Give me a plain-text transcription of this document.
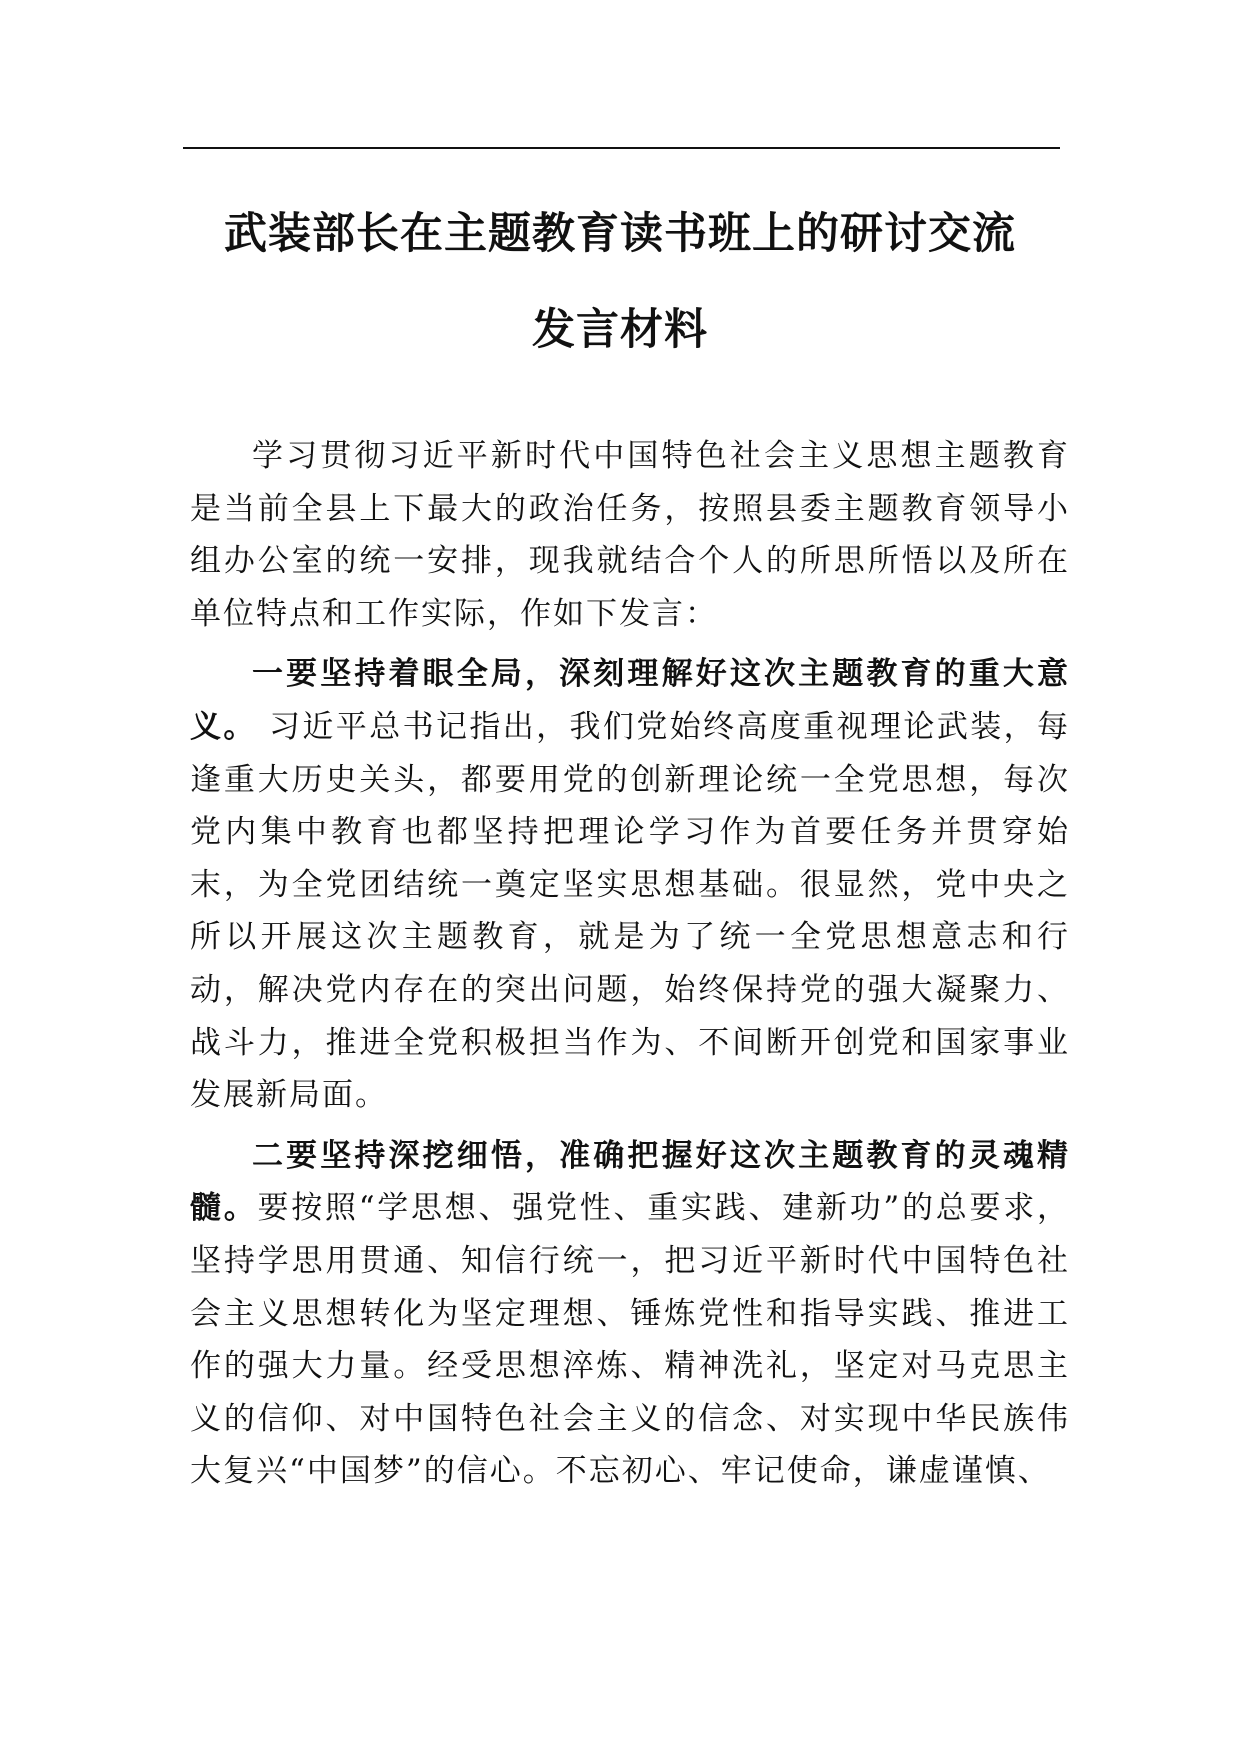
武装部长在主题教育读书班上的研讨交流
发言材料

学习贯彻习近平新时代中国特色社会主义思想主题教育是当前全县上下最大的政治任务，按照县委主题教育领导小组办公室的统一安排，现我就结合个人的所思所悟以及所在单位特点和工作实际，作如下发言：

一要坚持着眼全局，深刻理解好这次主题教育的重大意义。 习近平总书记指出，我们党始终高度重视理论武装，每逢重大历史关头，都要用党的创新理论统一全党思想，每次党内集中教育也都坚持把理论学习作为首要任务并贯穿始末，为全党团结统一奠定坚实思想基础。很显然，党中央之所以开展这次主题教育，就是为了统一全党思想意志和行动，解决党内存在的突出问题，始终保持党的强大凝聚力、战斗力，推进全党积极担当作为、不间断开创党和国家事业发展新局面。

二要坚持深挖细悟，准确把握好这次主题教育的灵魂精髓。要按照“学思想、强党性、重实践、建新功”的总要求，坚持学思用贯通、知信行统一，把习近平新时代中国特色社会主义思想转化为坚定理想、锤炼党性和指导实践、推进工作的强大力量。经受思想淬炼、精神洗礼，坚定对马克思主义的信仰、对中国特色社会主义的信念、对实现中华民族伟大复兴“中国梦”的信心。不忘初心、牢记使命，谦虚谨慎、
